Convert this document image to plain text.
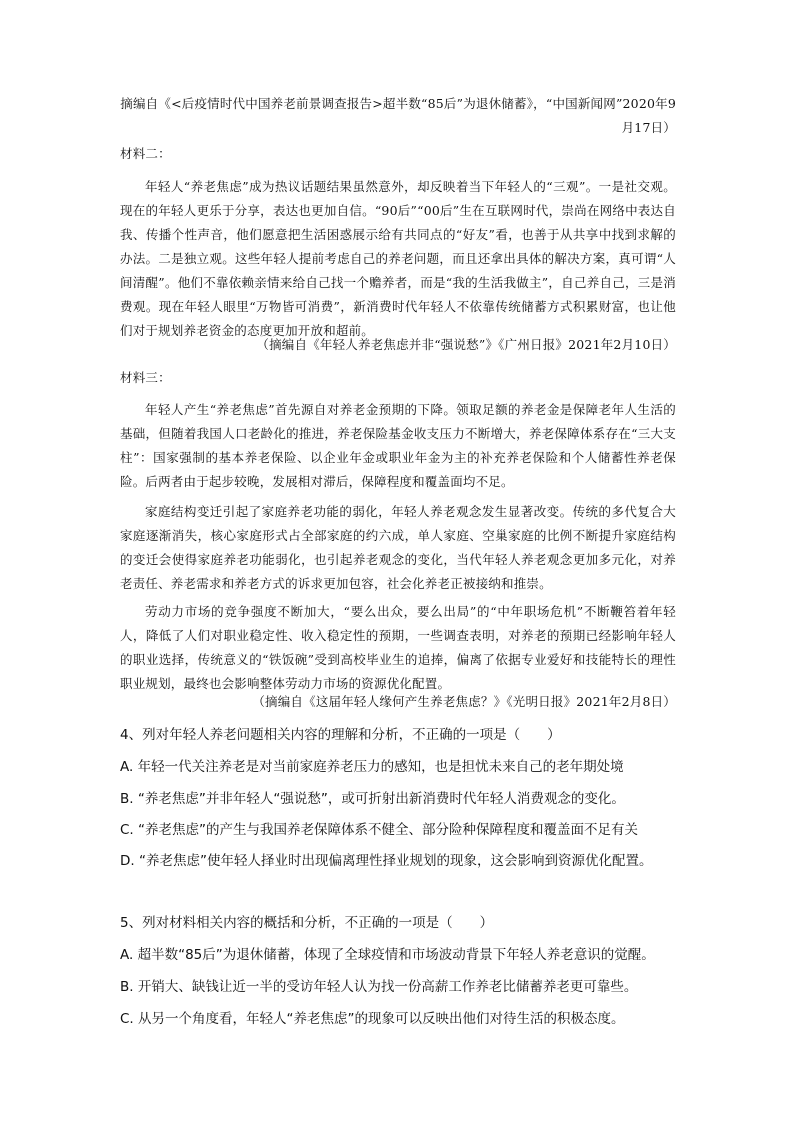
摘编自《<后疫情时代中国养老前景调查报告>超半数“85后”为退休储蓄》，“中国新闻网”2020年9月17日）
材料二：
年轻人“养老焦虑”成为热议话题结果虽然意外，却反映着当下年轻人的“三观”。一是社交观。现在的年轻人更乐于分享，表达也更加自信。“90后”“00后”生在互联网时代，崇尚在网络中表达自我、传播个性声音，他们愿意把生活困惑展示给有共同点的“好友”看，也善于从共享中找到求解的办法。二是独立观。这些年轻人提前考虑自己的养老问题，而且还拿出具体的解决方案，真可谓“人间清醒”。他们不靠依赖亲情来给自己找一个赡养者，而是“我的生活我做主”，自己养自己，三是消费观。现在年轻人眼里“万物皆可消费”，新消费时代年轻人不依靠传统储蓄方式积累财富，也让他们对于规划养老资金的态度更加开放和超前。
（摘编自《年轻人养老焦虑并非“强说愁”》《广州日报》2021年2月10日）
材料三：
年轻人产生“养老焦虑”首先源自对养老金预期的下降。领取足额的养老金是保障老年人生活的基础，但随着我国人口老龄化的推进，养老保险基金收支压力不断增大，养老保障体系存在“三大支柱”：国家强制的基本养老保险、以企业年金或职业年金为主的补充养老保险和个人储蓄性养老保险。后两者由于起步较晚，发展相对滞后，保障程度和覆盖面均不足。
家庭结构变迁引起了家庭养老功能的弱化，年轻人养老观念发生显著改变。传统的多代复合大家庭逐渐消失，核心家庭形式占全部家庭的约六成，单人家庭、空巢家庭的比例不断提升家庭结构的变迁会使得家庭养老功能弱化，也引起养老观念的变化，当代年轻人养老观念更加多元化，对养老责任、养老需求和养老方式的诉求更加包容，社会化养老正被接纳和推崇。
劳动力市场的竞争强度不断加大，“要么出众，要么出局”的“中年职场危机”不断鞭笞着年轻人，降低了人们对职业稳定性、收入稳定性的预期，一些调查表明，对养老的预期已经影响年轻人的职业选择，传统意义的“铁饭碗”受到高校毕业生的追捧，偏离了依据专业爱好和技能特长的理性职业规划，最终也会影响整体劳动力市场的资源优化配置。
（摘编自《这届年轻人缘何产生养老焦虑？》《光明日报》2021年2月8日）
4、列对年轻人养老问题相关内容的理解和分析，不正确的一项是（　　）
A. 年轻一代关注养老是对当前家庭养老压力的感知，也是担忧未来自己的老年期处境
B. “养老焦虑”并非年轻人“强说愁”，或可折射出新消费时代年轻人消费观念的变化。
C. “养老焦虑”的产生与我国养老保障体系不健全、部分险种保障程度和覆盖面不足有关
D. “养老焦虑”使年轻人择业时出现偏离理性择业规划的现象，这会影响到资源优化配置。
5、列对材料相关内容的概括和分析，不正确的一项是（　　）
A. 超半数“85后”为退休储蓄，体现了全球疫情和市场波动背景下年轻人养老意识的觉醒。
B. 开销大、缺钱让近一半的受访年轻人认为找一份高薪工作养老比储蓄养老更可靠些。
C. 从另一个角度看，年轻人“养老焦虑”的现象可以反映出他们对待生活的积极态度。
